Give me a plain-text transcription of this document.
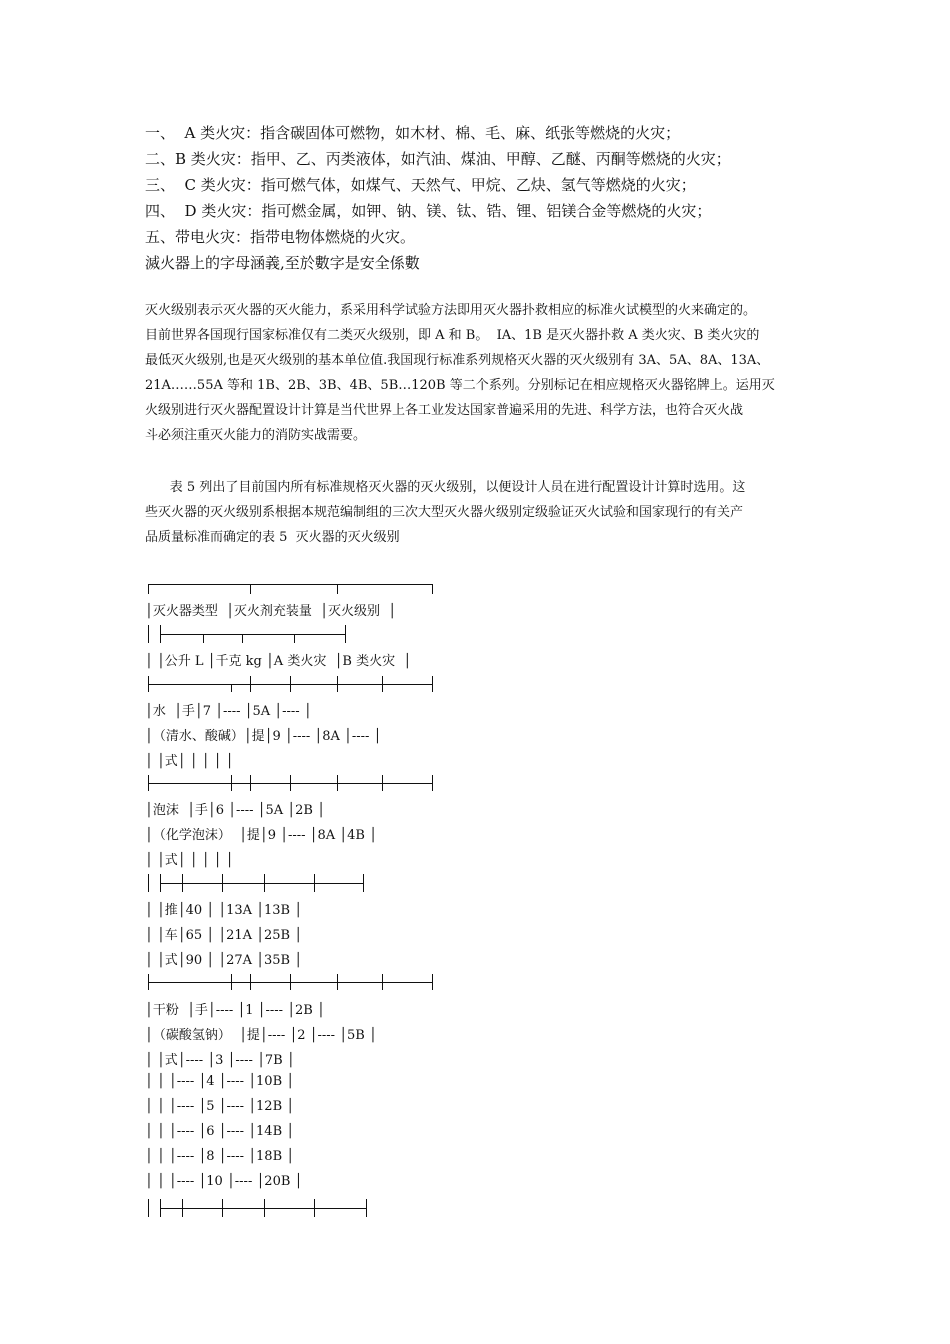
一、  A 类火灾：指含碳固体可燃物，如木材、棉、毛、麻、纸张等燃烧的火灾；
二、B 类火灾：指甲、乙、丙类液体，如汽油、煤油、甲醇、乙醚、丙酮等燃烧的火灾；
三、  C 类火灾：指可燃气体，如煤气、天然气、甲烷、乙炔、氢气等燃烧的火灾；
四、  D 类火灾：指可燃金属，如钾、钠、镁、钛、锆、锂、铝镁合金等燃烧的火灾；
五、带电火灾：指带电物体燃烧的火灾。
滅火器上的字母涵義,至於數字是安全係數
灭火级别表示灭火器的灭火能力，系采用科学试验方法即用灭火器扑救相应的标准火试模型的火来确定的。
目前世界各国现行国家标准仅有二类灭火级别，即 A 和 B。  IA、1B 是灭火器扑救 A 类火灾、B 类火灾的
最低灭火级别,也是灭火级别的基本单位值.我国现行标准系列规格灭火器的灭火级别有 3A、5A、8A、13A、
21A……55A 等和 1B、2B、3B、4B、5B…120B 等二个系列。分别标记在相应规格灭火器铭牌上。运用灭
火级别进行灭火器配置设计计算是当代世界上各工业发达国家普遍采用的先进、科学方法，也符合灭火战
斗必须注重灭火能力的消防实战需要。
表 5 列出了目前国内所有标准规格灭火器的灭火级别，以便设计人员在进行配置设计计算时选用。这
些灭火器的灭火级别系根据本规范编制组的三次大型灭火器火级别定级验证灭火试验和国家现行的有关产
品质量标准而确定的表 5  灭火器的灭火级别
│灭火器类型  │灭火剂充装量  │灭火级别  │
│ │公升 L │千克 kg │A 类火灾  │B 类火灾  │
│水  │手│7 │---- │5A │---- │
│（清水、酸碱）│提│9 │---- │8A │---- │
│ │式│ │ │ │ │
│泡沫  │手│6 │---- │5A │2B │
│（化学泡沫）  │提│9 │---- │8A │4B │
│ │式│ │ │ │ │
│ │推│40 │ │13A │13B │
│ │车│65 │ │21A │25B │
│ │式│90 │ │27A │35B │
│干粉  │手│---- │1 │---- │2B │
│（碳酸氢钠）  │提│---- │2 │---- │5B │
│ │式│---- │3 │---- │7B │
│ │ │---- │4 │---- │10B │
│ │ │---- │5 │---- │12B │
│ │ │---- │6 │---- │14B │
│ │ │---- │8 │---- │18B │
│ │ │---- │10 │---- │20B │
